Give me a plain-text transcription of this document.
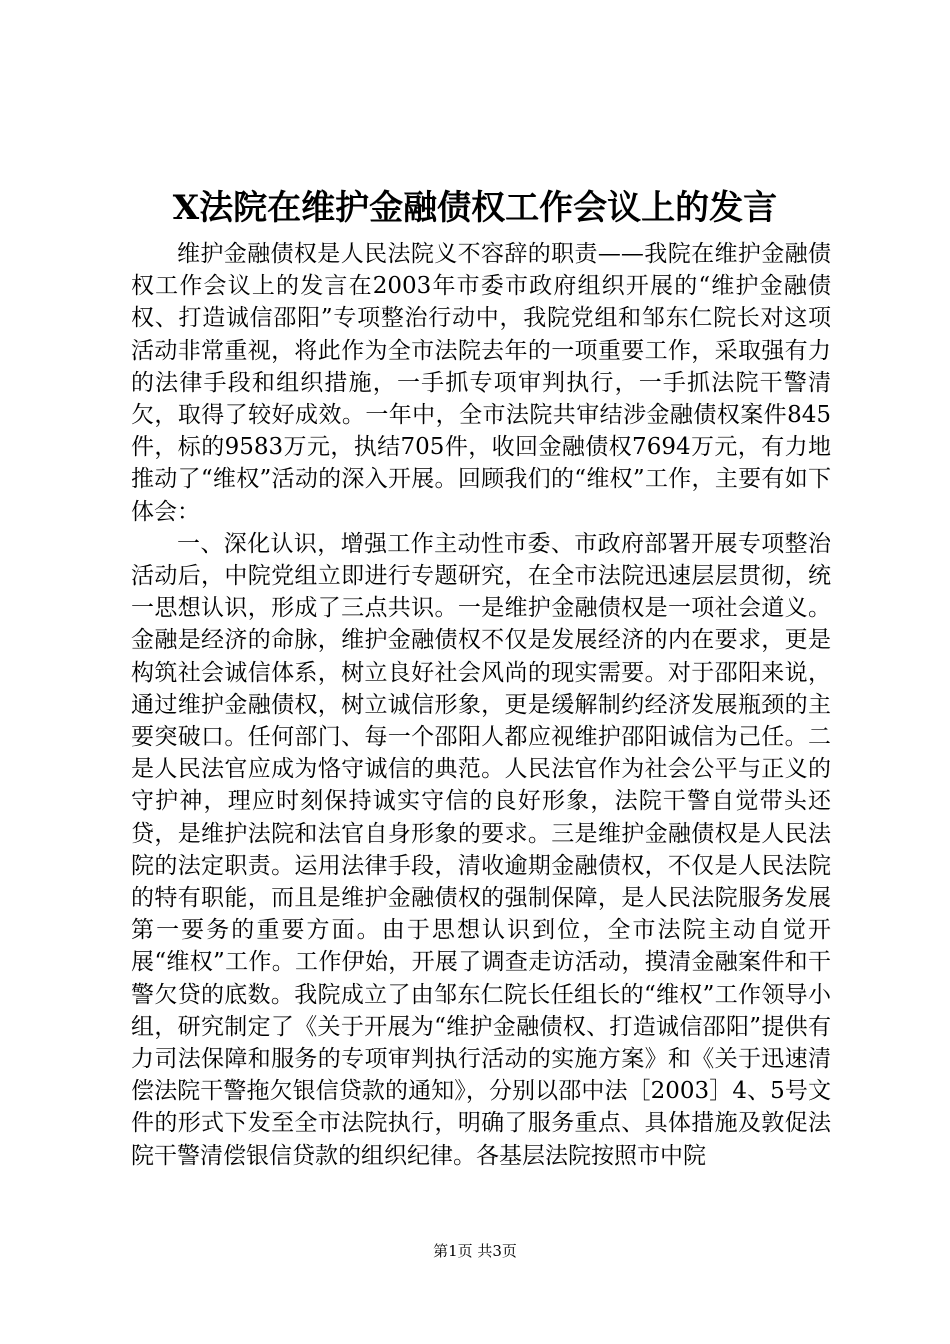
X法院在维护金融债权工作会议上的发言

维护金融债权是人民法院义不容辞的职责——我院在维护金融债权工作会议上的发言在2003年市委市政府组织开展的“维护金融债权、打造诚信邵阳”专项整治行动中，我院党组和邹东仁院长对这项活动非常重视，将此作为全市法院去年的一项重要工作，采取强有力的法律手段和组织措施，一手抓专项审判执行，一手抓法院干警清欠，取得了较好成效。一年中，全市法院共审结涉金融债权案件845件，标的9583万元，执结705件，收回金融债权7694万元，有力地推动了“维权”活动的深入开展。回顾我们的“维权”工作，主要有如下体会：

一、深化认识，增强工作主动性市委、市政府部署开展专项整治活动后，中院党组立即进行专题研究，在全市法院迅速层层贯彻，统一思想认识，形成了三点共识。一是维护金融债权是一项社会道义。金融是经济的命脉，维护金融债权不仅是发展经济的内在要求，更是构筑社会诚信体系，树立良好社会风尚的现实需要。对于邵阳来说，通过维护金融债权，树立诚信形象，更是缓解制约经济发展瓶颈的主要突破口。任何部门、每一个邵阳人都应视维护邵阳诚信为己任。二是人民法官应成为恪守诚信的典范。人民法官作为社会公平与正义的守护神，理应时刻保持诚实守信的良好形象，法院干警自觉带头还贷，是维护法院和法官自身形象的要求。三是维护金融债权是人民法院的法定职责。运用法律手段，清收逾期金融债权，不仅是人民法院的特有职能，而且是维护金融债权的强制保障，是人民法院服务发展第一要务的重要方面。由于思想认识到位，全市法院主动自觉开展“维权”工作。工作伊始，开展了调查走访活动，摸清金融案件和干警欠贷的底数。我院成立了由邹东仁院长任组长的“维权”工作领导小组，研究制定了《关于开展为“维护金融债权、打造诚信邵阳”提供有力司法保障和服务的专项审判执行活动的实施方案》和《关于迅速清偿法院干警拖欠银信贷款的通知》，分别以邵中法［2003］4、5号文件的形式下发至全市法院执行，明确了服务重点、具体措施及敦促法院干警清偿银信贷款的组织纪律。各基层法院按照市中院

第1页 共3页
